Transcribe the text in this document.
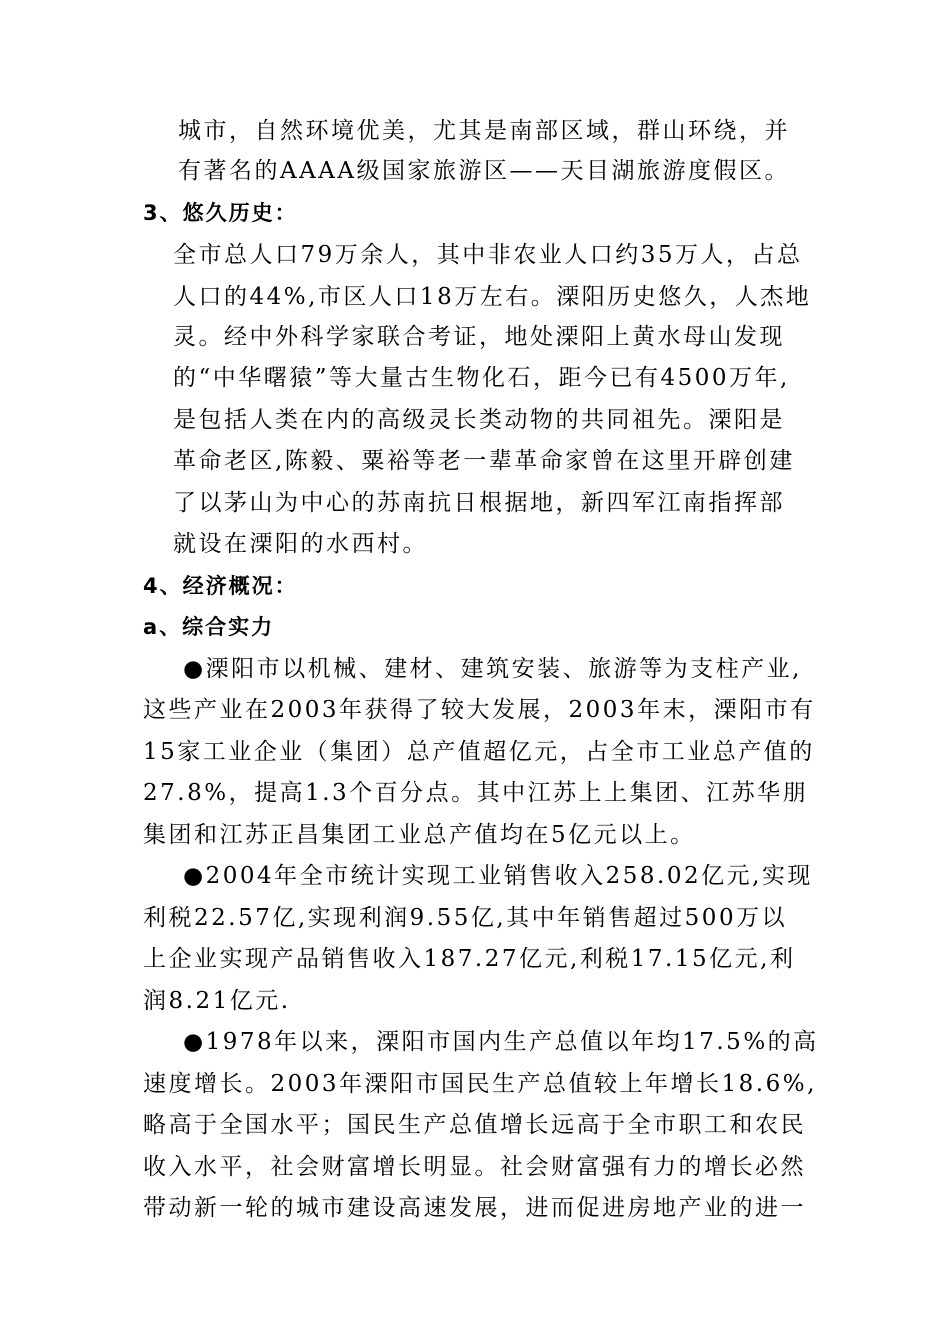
城市，自然环境优美，尤其是南部区域，群山环绕，并
有著名的AAAA级国家旅游区——天目湖旅游度假区。
3、悠久历史：
全市总人口79万余人，其中非农业人口约35万人，占总
人口的44%,市区人口18万左右。溧阳历史悠久，人杰地
灵。经中外科学家联合考证，地处溧阳上黄水母山发现
的“中华曙猿”等大量古生物化石，距今已有4500万年,
是包括人类在内的高级灵长类动物的共同祖先。溧阳是
革命老区,陈毅、粟裕等老一辈革命家曾在这里开辟创建
了以茅山为中心的苏南抗日根据地，新四军江南指挥部
就设在溧阳的水西村。
4、经济概况：
a、综合实力
●溧阳市以机械、建材、建筑安装、旅游等为支柱产业,
这些产业在2003年获得了较大发展，2003年末，溧阳市有
15家工业企业（集团）总产值超亿元，占全市工业总产值的
27.8%，提高1.3个百分点。其中江苏上上集团、江苏华朋
集团和江苏正昌集团工业总产值均在5亿元以上。
●2004年全市统计实现工业销售收入258.02亿元,实现
利税22.57亿,实现利润9.55亿,其中年销售超过500万以
上企业实现产品销售收入187.27亿元,利税17.15亿元,利
润8.21亿元.
●1978年以来，溧阳市国内生产总值以年均17.5%的高
速度增长。2003年溧阳市国民生产总值较上年增长18.6%,
略高于全国水平；国民生产总值增长远高于全市职工和农民
收入水平，社会财富增长明显。社会财富强有力的增长必然
带动新一轮的城市建设高速发展，进而促进房地产业的进一
